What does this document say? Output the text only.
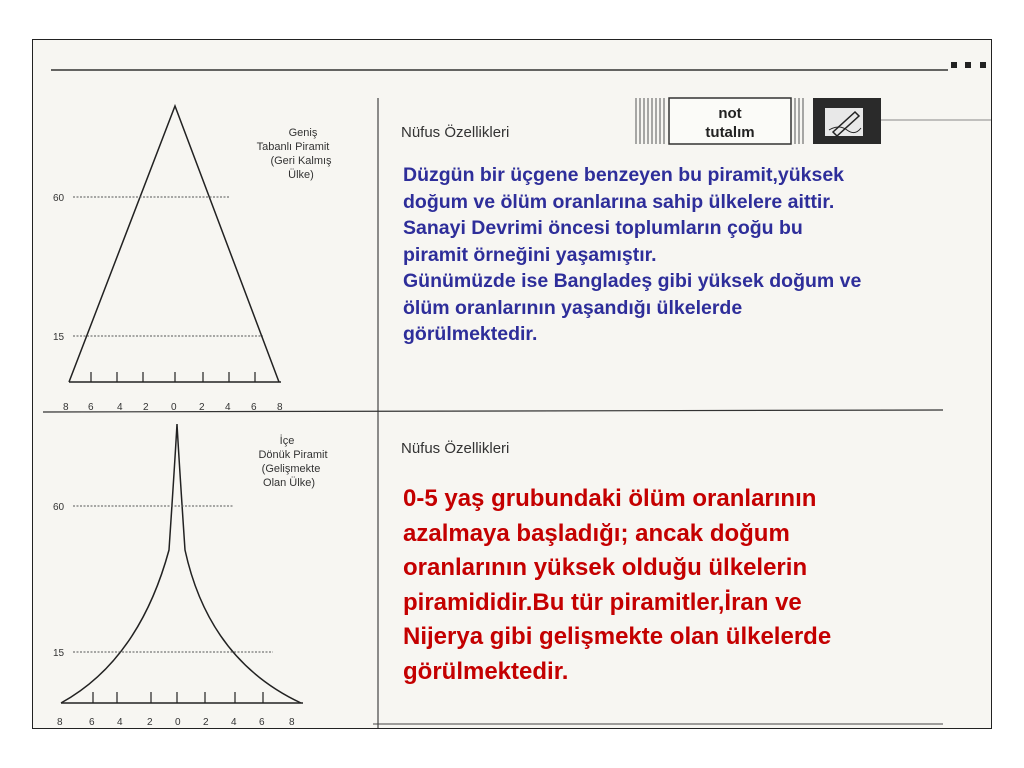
not
tutalım
60
15
8 6 4 2 0 2 4 6 8
Geniş
Tabanlı Piramit
(Geri Kalmış
Ülke)
60
15
8	6 4 2 0 2 4 6 8
İçe
Dönük Piramit
(Gelişmekte
Olan Ülke)
Nüfus Özellikleri
Nüfus Özellikleri
Düzgün bir üçgene benzeyen bu piramit,yüksek
doğum ve ölüm oranlarına sahip ülkelere aittir.
Sanayi Devrimi öncesi toplumların çoğu bu
piramit örneğini yaşamıştır.
Günümüzde ise Bangladeş gibi yüksek doğum ve
ölüm oranlarının yaşandığı ülkelerde
görülmektedir.
0-5 yaş grubundaki ölüm oranlarının
azalmaya başladığı; ancak doğum
oranlarının yüksek olduğu ülkelerin
piramididir.Bu tür piramitler,İran ve
Nijerya gibi gelişmekte olan ülkelerde
görülmektedir.
